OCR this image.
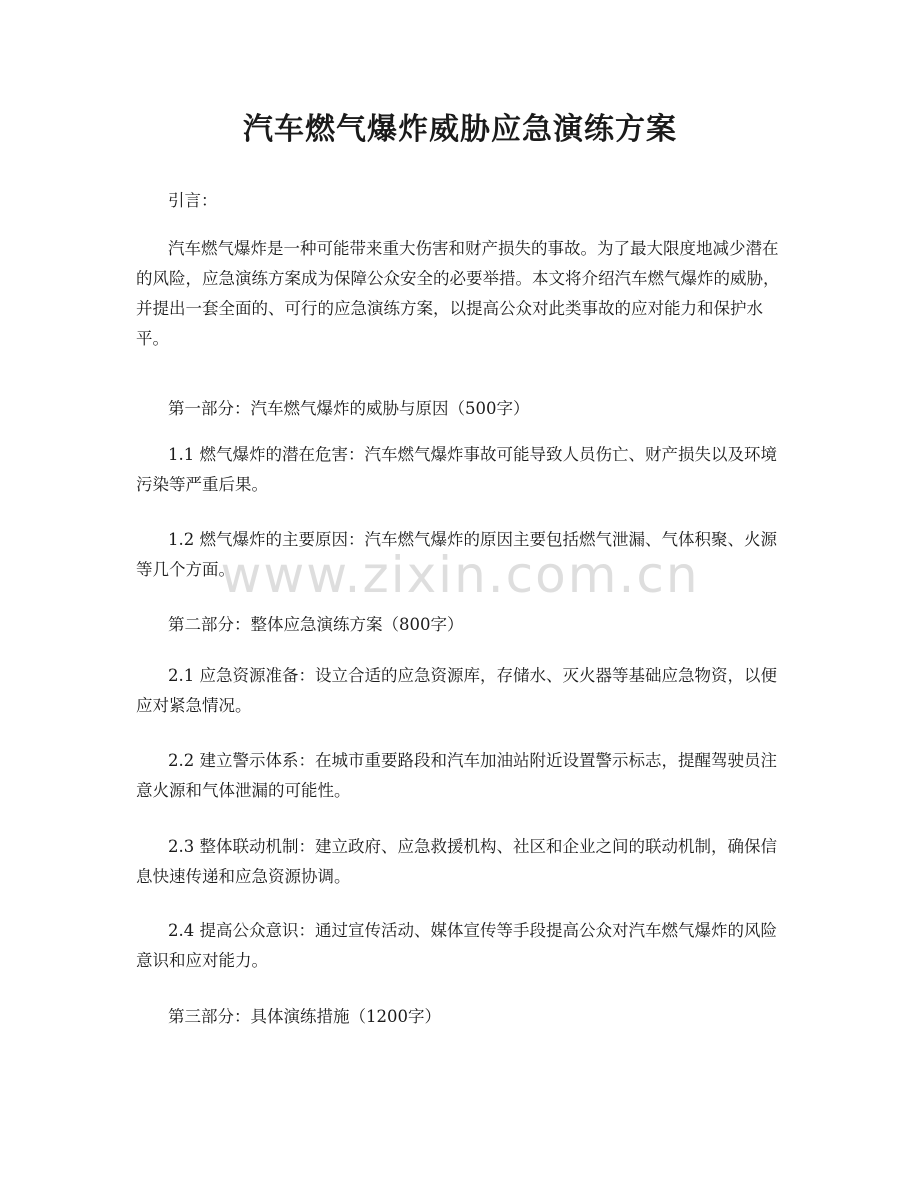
汽车燃气爆炸威胁应急演练方案

引言：

汽车燃气爆炸是一种可能带来重大伤害和财产损失的事故。为了最大限度地减少潜在的风险，应急演练方案成为保障公众安全的必要举措。本文将介绍汽车燃气爆炸的威胁，并提出一套全面的、可行的应急演练方案，以提高公众对此类事故的应对能力和保护水平。

第一部分：汽车燃气爆炸的威胁与原因（500字）

1.1 燃气爆炸的潜在危害：汽车燃气爆炸事故可能导致人员伤亡、财产损失以及环境污染等严重后果。

1.2 燃气爆炸的主要原因：汽车燃气爆炸的原因主要包括燃气泄漏、气体积聚、火源等几个方面。

第二部分：整体应急演练方案（800字）

2.1 应急资源准备：设立合适的应急资源库，存储水、灭火器等基础应急物资，以便应对紧急情况。

2.2 建立警示体系：在城市重要路段和汽车加油站附近设置警示标志，提醒驾驶员注意火源和气体泄漏的可能性。

2.3 整体联动机制：建立政府、应急救援机构、社区和企业之间的联动机制，确保信息快速传递和应急资源协调。

2.4 提高公众意识：通过宣传活动、媒体宣传等手段提高公众对汽车燃气爆炸的风险意识和应对能力。

第三部分：具体演练措施（1200字）

www.zixin.com.cn
